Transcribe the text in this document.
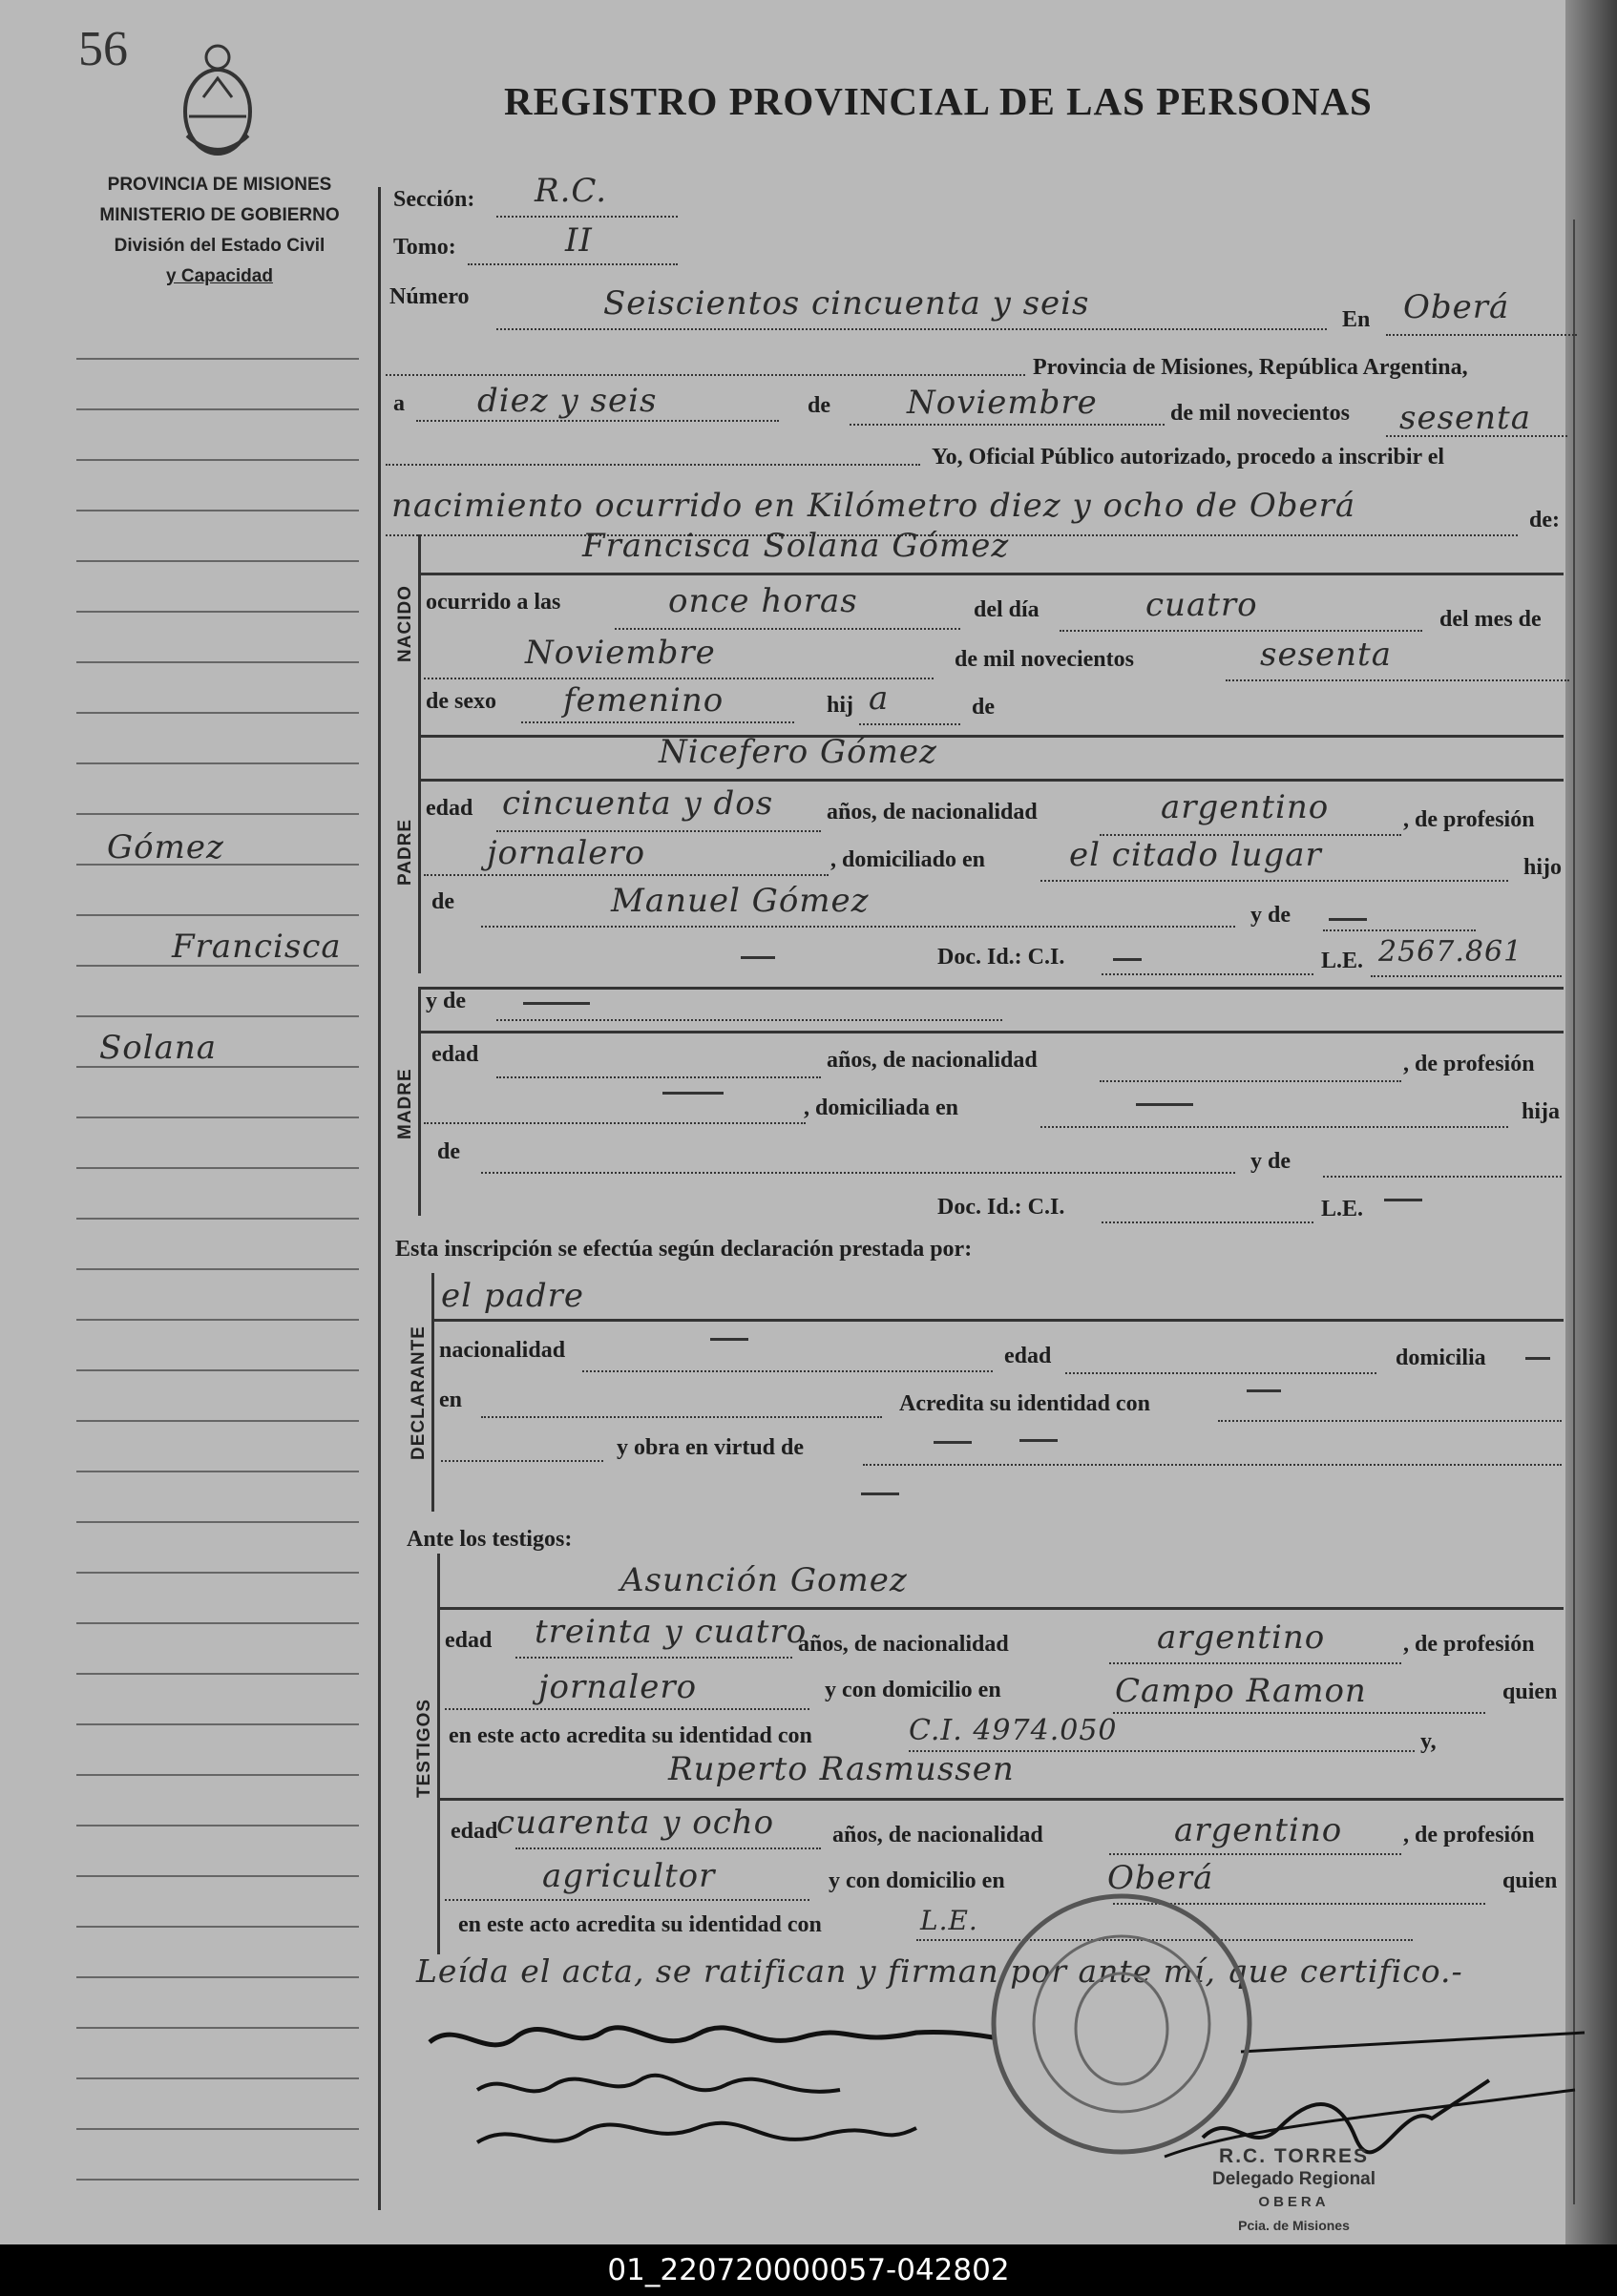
56
REGISTRO PROVINCIAL DE LAS PERSONAS
PROVINCIA DE MISIONES
MINISTERIO DE GOBIERNO
División del Estado Civil
y Capacidad
Gómez
Francisca
Solana
Sección: R.C.
Tomo:	II
Número	Seiscientos cincuenta y seis	En Oberá
Provincia de Misiones, República Argentina,
a diez y seis	de Noviembre	de mil novecientos sesenta
Yo, Oficial Público autorizado, procedo a inscribir el
nacimiento ocurrido en Kilómetro diez y ocho de Oberá	de:
NACIDO
Francisca Solana Gómez
ocurrido a las	once horas	del día	cuatro	del mes de
Noviembre	de mil novecientos	sesenta
de sexo femenino	hij a	de
PADRE
Nicefero Gómez
edad cincuenta y dos años, de nacionalidad	argentino	, de profesión
jornalero	, domiciliado en	el citado lugar	hijo
de	Manuel Gómez	y de
Doc. Id.: C.I.	L.E. 2567.861
MADRE
y de
edad	años, de nacionalidad	, de profesión
, domiciliada en	hija
de	y de
Doc. Id.: C.I.	L.E.
Esta inscripción se efectúa según declaración prestada por:
DECLARANTE
el padre
nacionalidad	edad	domicilia
en	Acredita su identidad con
y obra en virtud de
Ante los testigos:
TESTIGOS
Asunción Gomez
edad treinta y cuatro
años, de nacionalidad	argentino	, de profesión
jornalero	y con domicilio en	Campo Ramon	quien
en este acto acredita su identidad con	C.I. 4974.050	y,
Ruperto Rasmussen
edad
cuarenta y ocho	años, de nacionalidad	argentino	, de profesión
agricultor	y con domicilio en	Oberá	quien
en este acto acredita su identidad con	L.E.
Leída el acta, se ratifican y firman por ante mí, que certifico.-
R.C. TORRES
Delegado Regional
OBERA
Pcia. de Misiones
01_220720000057-042802
